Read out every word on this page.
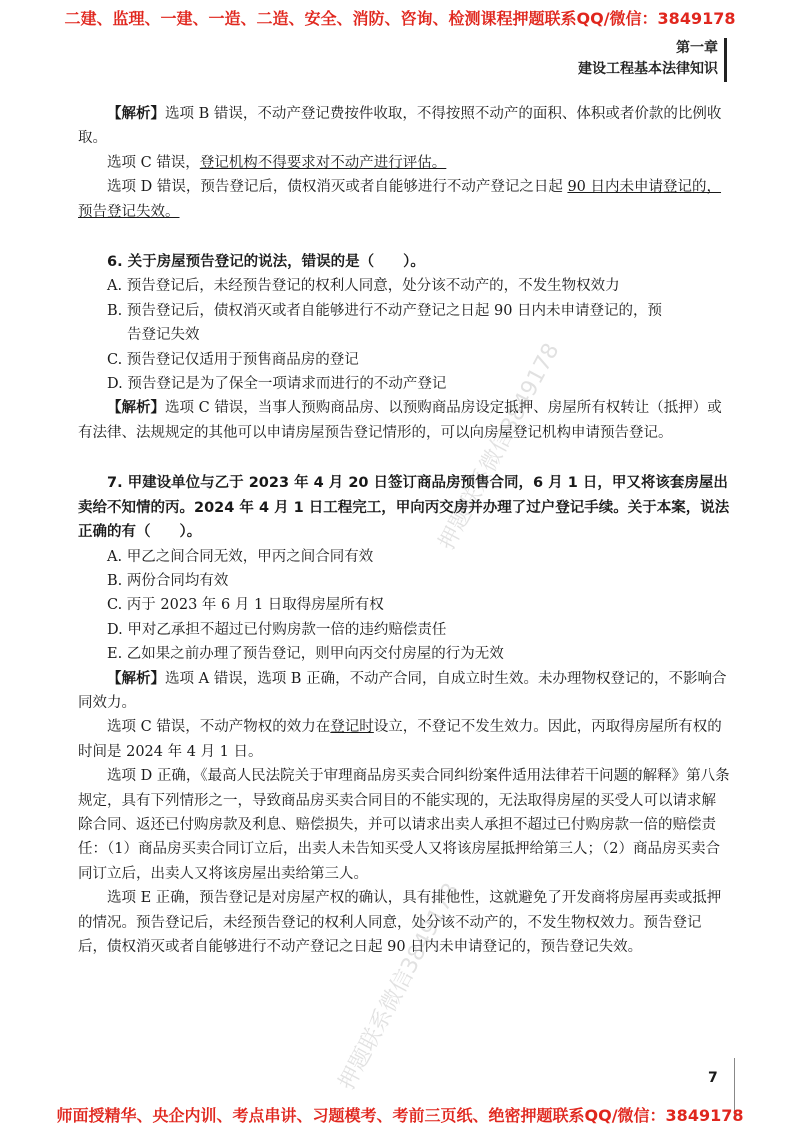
二建、监理、一建、一造、二造、安全、消防、咨询、检测课程押题联系QQ/微信：3849178
第一章
建设工程基本法律知识

【解析】选项 B 错误，不动产登记费按件收取，不得按照不动产的面积、体积或者价款的比例收取。

选项 C 错误，登记机构不得要求对不动产进行评估。

选项 D 错误，预告登记后，债权消灭或者自能够进行不动产登记之日起 90 日内未申请登记的，预告登记失效。

6. 关于房屋预告登记的说法，错误的是（　　）。

A. 预告登记后，未经预告登记的权利人同意，处分该不动产的，不发生物权效力

B. 预告登记后，债权消灭或者自能够进行不动产登记之日起 90 日内未申请登记的，预

告登记失效

C. 预告登记仅适用于预售商品房的登记

D. 预告登记是为了保全一项请求而进行的不动产登记

【解析】选项 C 错误，当事人预购商品房、以预购商品房设定抵押、房屋所有权转让（抵押）或有法律、法规规定的其他可以申请房屋预告登记情形的，可以向房屋登记机构申请预告登记。

7. 甲建设单位与乙于 2023 年 4 月 20 日签订商品房预售合同，6 月 1 日，甲又将该套房屋出卖给不知情的丙。2024 年 4 月 1 日工程完工，甲向丙交房并办理了过户登记手续。关于本案，说法正确的有（　　）。

A. 甲乙之间合同无效，甲丙之间合同有效

B. 两份合同均有效

C. 丙于 2023 年 6 月 1 日取得房屋所有权

D. 甲对乙承担不超过已付购房款一倍的违约赔偿责任

E. 乙如果之前办理了预告登记，则甲向丙交付房屋的行为无效

【解析】选项 A 错误，选项 B 正确，不动产合同，自成立时生效。未办理物权登记的，不影响合同效力。

选项 C 错误，不动产物权的效力在登记时设立，不登记不发生效力。因此，丙取得房屋所有权的时间是 2024 年 4 月 1 日。

选项 D 正确，《最高人民法院关于审理商品房买卖合同纠纷案件适用法律若干问题的解释》第八条规定，具有下列情形之一，导致商品房买卖合同目的不能实现的，无法取得房屋的买受人可以请求解除合同、返还已付购房款及利息、赔偿损失，并可以请求出卖人承担不超过已付购房款一倍的赔偿责任：（1）商品房买卖合同订立后，出卖人未告知买受人又将该房屋抵押给第三人；（2）商品房买卖合同订立后，出卖人又将该房屋出卖给第三人。

选项 E 正确，预告登记是对房屋产权的确认，具有排他性，这就避免了开发商将房屋再卖或抵押的情况。预告登记后，未经预告登记的权利人同意，处分该不动产的，不发生物权效力。预告登记后，债权消灭或者自能够进行不动产登记之日起 90 日内未申请登记的，预告登记失效。

押题联系微信3849178
押题联系微信3849178	7
师面授精华、央企内训、考点串讲、习题模考、考前三页纸、绝密押题联系QQ/微信：3849178
